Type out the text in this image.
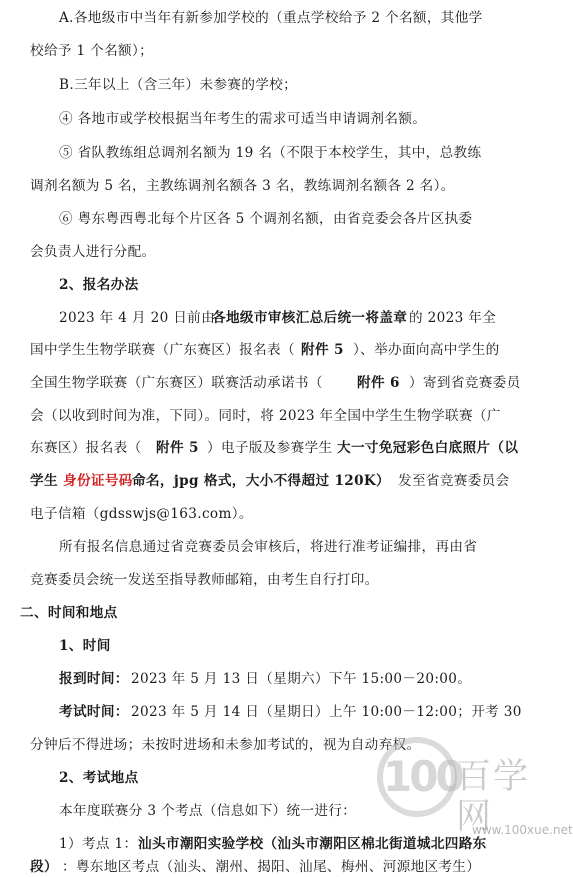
A.各地级市中当年有新参加学校的（重点学校给予 2 个名额，其他学
校给予 1 个名额）；
B.三年以上（含三年）未参赛的学校；
④ 各地市或学校根据当年考生的需求可适当申请调剂名额。
⑤ 省队教练组总调剂名额为 19 名（不限于本校学生，其中，总教练
调剂名额为 5 名，主教练调剂名额各 3 名，教练调剂名额各 2 名）。
⑥ 粤东粤西粤北每个片区各 5 个调剂名额，由省竞委会各片区执委
会负责人进行分配。
2、报名办法
2023 年 4 月 20 日前由
各地级市审核汇总后统一将盖章 的 2023 年全
国中学生生物学联赛（广东赛区）报名表（ 附件 5 ）、举办面向高中学生的
全国生物学联赛（广东赛区）联赛活动承诺书（	附件 6 ）寄到省竞赛委员
会（以收到时间为准，下同）。同时，将 2023 年全国中学生生物学联赛（广
东赛区）报名表（ 附件 5 ）电子版及参赛学生 大一寸免冠彩色白底照片（以
学生 身份证号码 命名，jpg 格式，大小不得超过 120K） 发至省竞赛委员会
电子信箱（gdsswjs@163.com）。
所有报名信息通过省竞赛委员会审核后，将进行准考证编排，再由省
竞赛委员会统一发送至指导教师邮箱，由考生自行打印。
二、时间和地点
1、时间
报到时间： 2023 年 5 月 13 日（星期六）下午 15:00－20:00。
考试时间： 2023 年 5 月 14 日（星期日）上午 10:00－12:00；开考 30
分钟后不得进场；未按时进场和未参加考试的，视为自动弃权。
2、考试地点
本年度联赛分 3 个考点（信息如下）统一进行：
1）考点 1： 汕头市潮阳实验学校（汕头市潮阳区棉北街道城北四路东
段） ：粤东地区考点（汕头、潮州、揭阳、汕尾、梅州、河源地区考生）
100
百学网
www.100xue.net
